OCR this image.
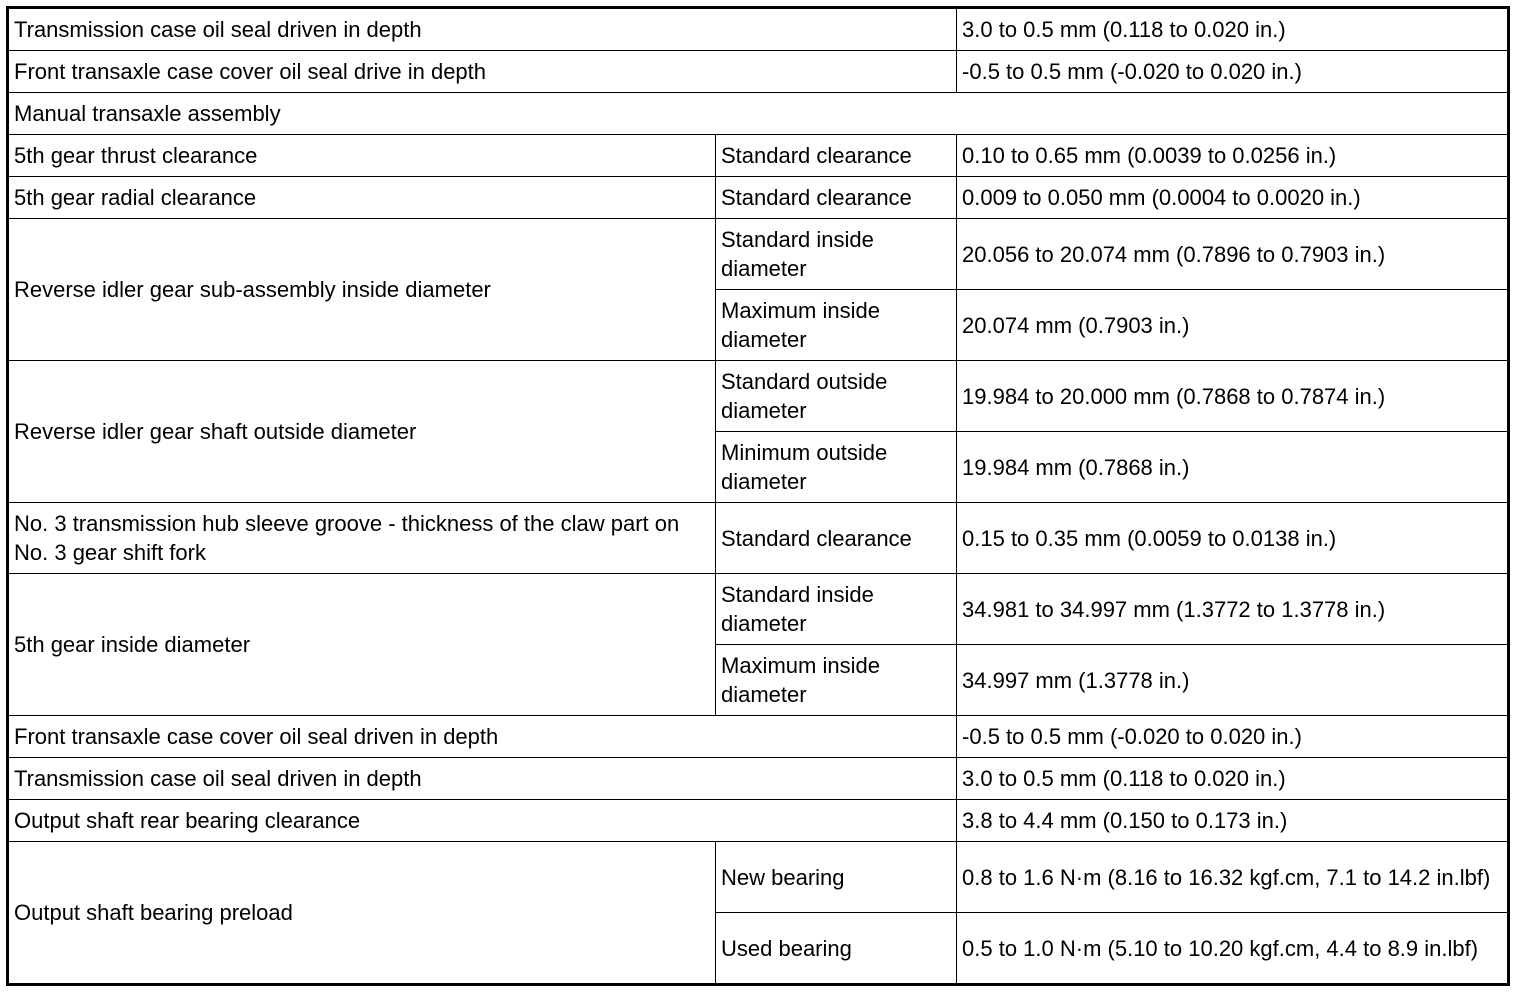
Transmission case oil seal driven in depth		3.0 to 0.5 mm (0.118 to 0.020 in.)
Front transaxle case cover oil seal drive in depth		-0.5 to 0.5 mm (-0.020 to 0.020 in.)
Manual transaxle assembly		
5th gear thrust clearance	Standard clearance	0.10 to 0.65 mm (0.0039 to 0.0256 in.)
5th gear radial clearance	Standard clearance	0.009 to 0.050 mm (0.0004 to 0.0020 in.)
Reverse idler gear sub-assembly inside diameter	Standard inside diameter	20.056 to 20.074 mm (0.7896 to 0.7903 in.)
	Maximum inside diameter	20.074 mm (0.7903 in.)
Reverse idler gear shaft outside diameter	Standard outside diameter	19.984 to 20.000 mm (0.7868 to 0.7874 in.)
	Minimum outside diameter	19.984 mm (0.7868 in.)
No. 3 transmission hub sleeve groove - thickness of the claw part on No. 3 gear shift fork	Standard clearance	0.15 to 0.35 mm (0.0059 to 0.0138 in.)
5th gear inside diameter	Standard inside diameter	34.981 to 34.997 mm (1.3772 to 1.3778 in.)
	Maximum inside diameter	34.997 mm (1.3778 in.)
Front transaxle case cover oil seal driven in depth		-0.5 to 0.5 mm (-0.020 to 0.020 in.)
Transmission case oil seal driven in depth		3.0 to 0.5 mm (0.118 to 0.020 in.)
Output shaft rear bearing clearance		3.8 to 4.4 mm (0.150 to 0.173 in.)
Output shaft bearing preload	New bearing	0.8 to 1.6 N·m (8.16 to 16.32 kgf.cm, 7.1 to 14.2 in.lbf)
	Used bearing	0.5 to 1.0 N·m (5.10 to 10.20 kgf.cm, 4.4 to 8.9 in.lbf)
